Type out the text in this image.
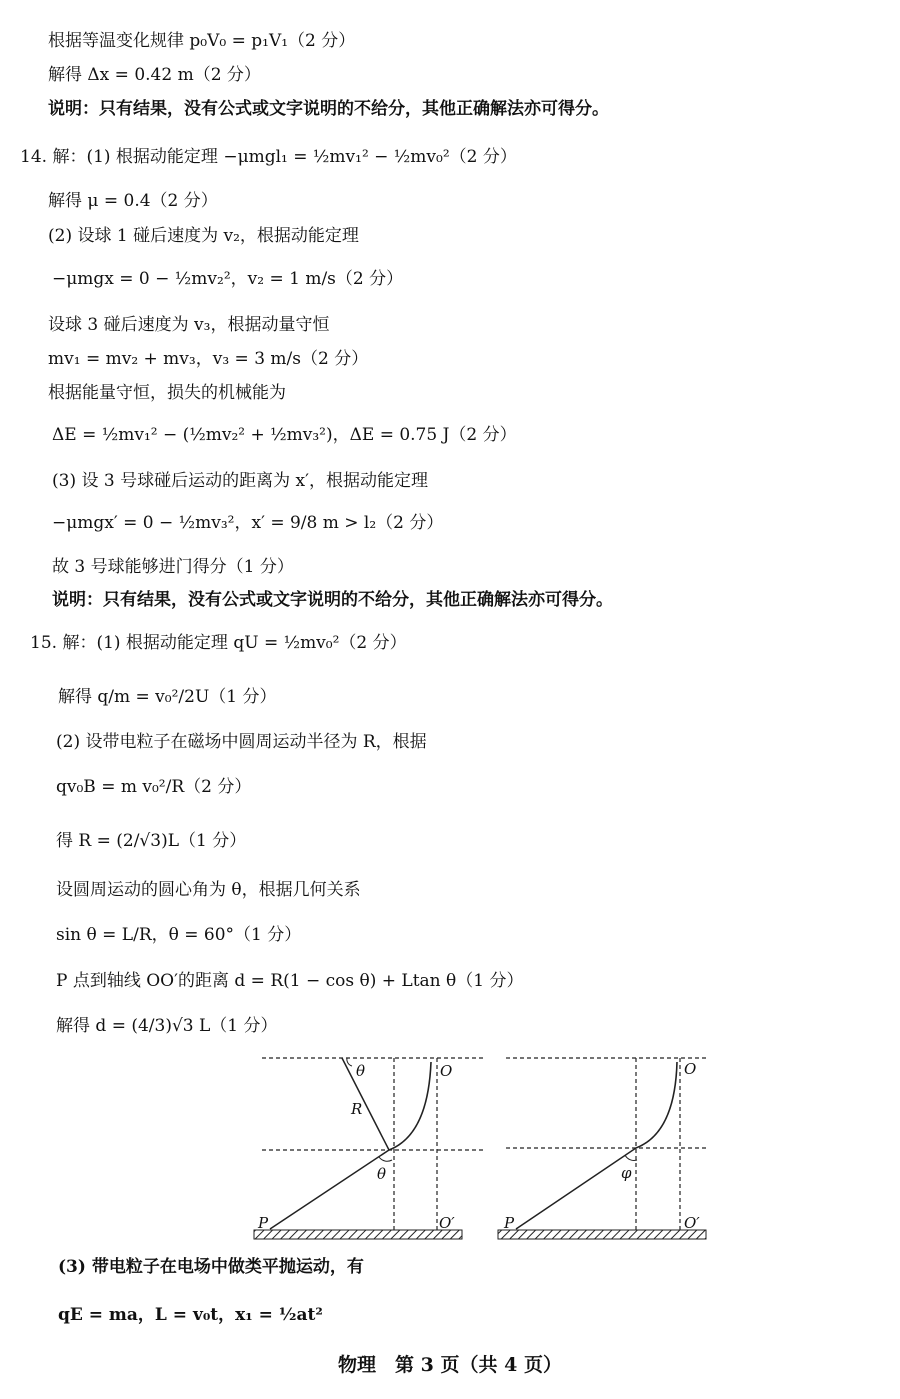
根据等温变化规律 p₀V₀ = p₁V₁（2 分）
解得 Δx = 0.42 m（2 分）
说明：只有结果，没有公式或文字说明的不给分，其他正确解法亦可得分。
14. 解：(1) 根据动能定理 −μmgl₁ = ½mv₁² − ½mv₀²（2 分）
解得 μ = 0.4（2 分）
(2) 设球 1 碰后速度为 v₂，根据动能定理
−μmgx = 0 − ½mv₂²，v₂ = 1 m/s（2 分）
设球 3 碰后速度为 v₃，根据动量守恒
mv₁ = mv₂ + mv₃，v₃ = 3 m/s（2 分）
根据能量守恒，损失的机械能为
ΔE = ½mv₁² − (½mv₂² + ½mv₃²)，ΔE = 0.75 J（2 分）
(3) 设 3 号球碰后运动的距离为 x′，根据动能定理
−μmgx′ = 0 − ½mv₃²，x′ = 9/8 m > l₂（2 分）
故 3 号球能够进门得分（1 分）
说明：只有结果，没有公式或文字说明的不给分，其他正确解法亦可得分。
15. 解：(1) 根据动能定理 qU = ½mv₀²（2 分）
解得 q/m = v₀²/2U（1 分）
(2) 设带电粒子在磁场中圆周运动半径为 R，根据
qv₀B = m v₀²/R（2 分）
得 R = (2/√3)L（1 分）
设圆周运动的圆心角为 θ，根据几何关系
sin θ = L/R，θ = 60°（1 分）
P 点到轴线 OO′的距离 d = R(1 − cos θ) + Ltan θ（1 分）
解得 d = (4/3)√3 L（1 分）
θ
R
O
θ
P	O′
O
φ
P	O′
(3) 带电粒子在电场中做类平抛运动，有
qE = ma，L = v₀t，x₁ = ½at²
物理　第 3 页（共 4 页）
